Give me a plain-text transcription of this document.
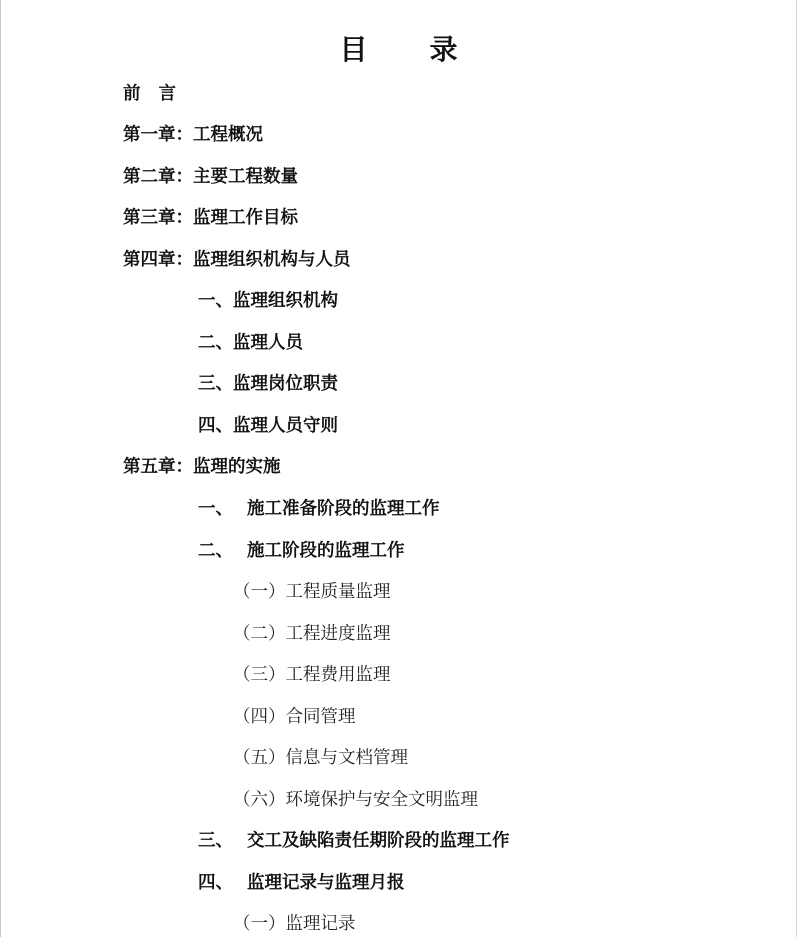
目 录
前 言
第一章：工程概况
第二章：主要工程数量
第三章：监理工作目标
第四章：监理组织机构与人员
一、监理组织机构
二、监理人员
三、监理岗位职责
四、监理人员守则
第五章：监理的实施
一、 施工准备阶段的监理工作
二、 施工阶段的监理工作
（一）工程质量监理
（二）工程进度监理
（三）工程费用监理
（四）合同管理
（五）信息与文档管理
（六）环境保护与安全文明监理
三、 交工及缺陷责任期阶段的监理工作
四、 监理记录与监理月报
（一）监理记录
